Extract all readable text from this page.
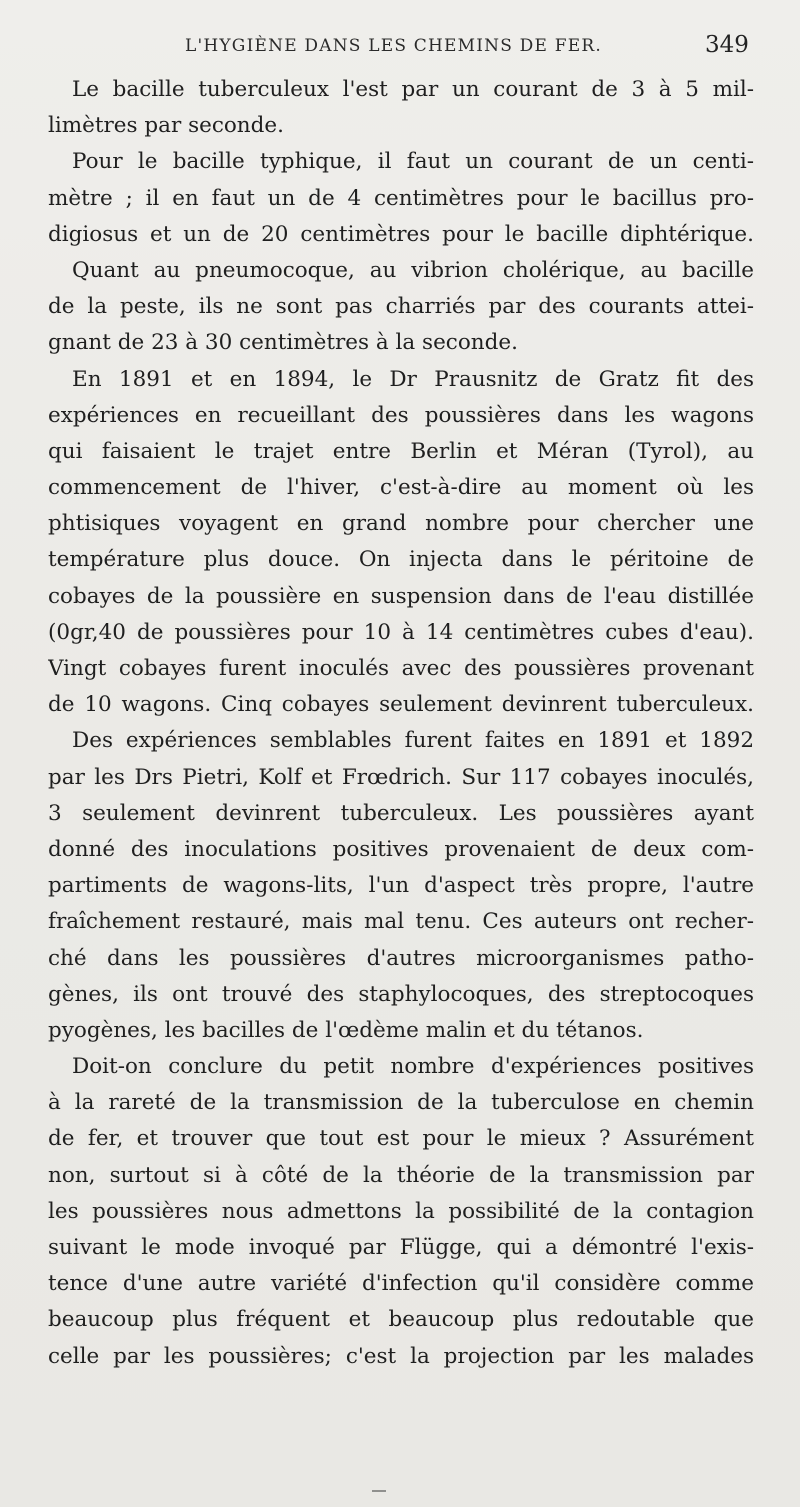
L'HYGIÈNE DANS LES CHEMINS DE FER.	349
Le bacille tuberculeux l'est par un courant de 3 à 5 mil-
limètres par seconde.
Pour le bacille typhique, il faut un courant de un centi-
mètre ; il en faut un de 4 centimètres pour le bacillus pro-
digiosus et un de 20 centimètres pour le bacille diphtérique.
Quant au pneumocoque, au vibrion cholérique, au bacille
de la peste, ils ne sont pas charriés par des courants attei-
gnant de 23 à 30 centimètres à la seconde.
En 1891 et en 1894, le Dr Prausnitz de Gratz fit des
expériences en recueillant des poussières dans les wagons
qui faisaient le trajet entre Berlin et Méran (Tyrol), au
commencement de l'hiver, c'est-à-dire au moment où les
phtisiques voyagent en grand nombre pour chercher une
température plus douce. On injecta dans le péritoine de
cobayes de la poussière en suspension dans de l'eau distillée
(0gr,40 de poussières pour 10 à 14 centimètres cubes d'eau).
Vingt cobayes furent inoculés avec des poussières provenant
de 10 wagons. Cinq cobayes seulement devinrent tuberculeux.
Des expériences semblables furent faites en 1891 et 1892
par les Drs Pietri, Kolf et Frœdrich. Sur 117 cobayes inoculés,
3 seulement devinrent tuberculeux. Les poussières ayant
donné des inoculations positives provenaient de deux com-
partiments de wagons-lits, l'un d'aspect très propre, l'autre
fraîchement restauré, mais mal tenu. Ces auteurs ont recher-
ché dans les poussières d'autres microorganismes patho-
gènes, ils ont trouvé des staphylocoques, des streptocoques
pyogènes, les bacilles de l'œdème malin et du tétanos.
Doit-on conclure du petit nombre d'expériences positives
à la rareté de la transmission de la tuberculose en chemin
de fer, et trouver que tout est pour le mieux ? Assurément
non, surtout si à côté de la théorie de la transmission par
les poussières nous admettons la possibilité de la contagion
suivant le mode invoqué par Flügge, qui a démontré l'exis-
tence d'une autre variété d'infection qu'il considère comme
beaucoup plus fréquent et beaucoup plus redoutable que
celle par les poussières; c'est la projection par les malades
